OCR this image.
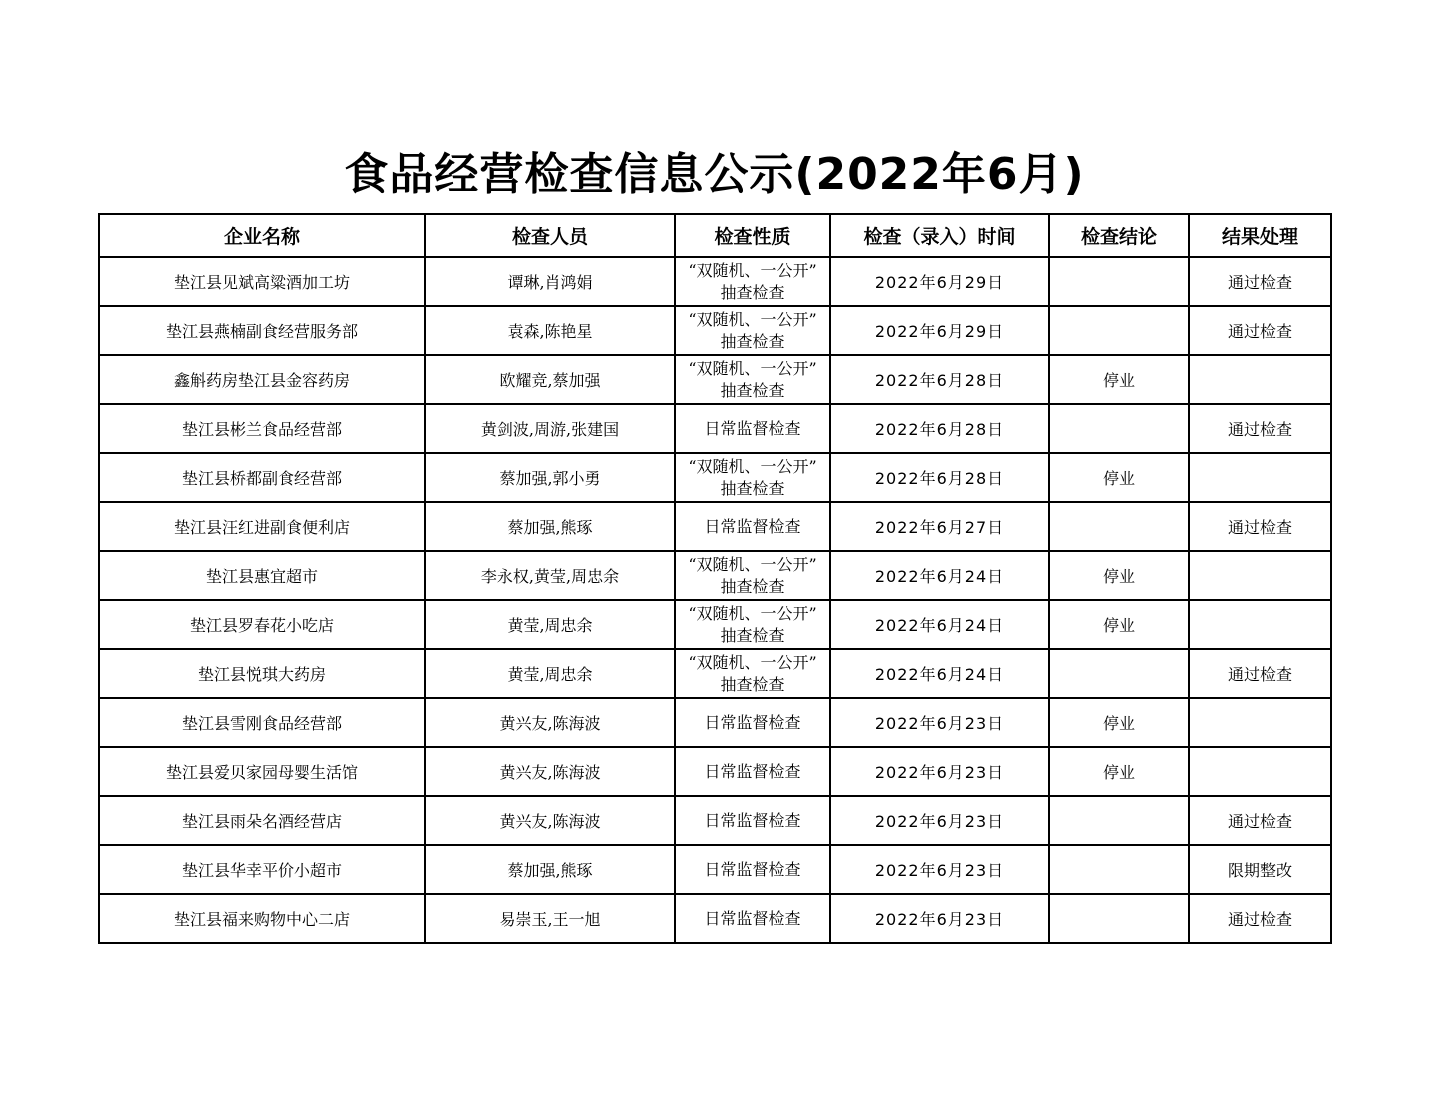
食品经营检查信息公示(2022年6月)
企业名称	检查人员	检查性质	检查（录入）时间	检查结论	结果处理
垫江县见斌高粱酒加工坊	谭琳,肖鸿娟	“双随机、一公开”
抽查检查	2022年6月29日		通过检查
垫江县燕楠副食经营服务部	袁森,陈艳星	“双随机、一公开”
抽查检查	2022年6月29日		通过检查
鑫斛药房垫江县金容药房	欧耀竞,蔡加强	“双随机、一公开”
抽查检查	2022年6月28日	停业	
垫江县彬兰食品经营部	黄剑波,周游,张建国	日常监督检查	2022年6月28日		通过检查
垫江县桥都副食经营部	蔡加强,郭小勇	“双随机、一公开”
抽查检查	2022年6月28日	停业	
垫江县汪红进副食便利店	蔡加强,熊琢	日常监督检查	2022年6月27日		通过检查
垫江县惠宜超市	李永权,黄莹,周忠余	“双随机、一公开”
抽查检查	2022年6月24日	停业	
垫江县罗春花小吃店	黄莹,周忠余	“双随机、一公开”
抽查检查	2022年6月24日	停业	
垫江县悦琪大药房	黄莹,周忠余	“双随机、一公开”
抽查检查	2022年6月24日		通过检查
垫江县雪刚食品经营部	黄兴友,陈海波	日常监督检查	2022年6月23日	停业	
垫江县爱贝家园母婴生活馆	黄兴友,陈海波	日常监督检查	2022年6月23日	停业	
垫江县雨朵名酒经营店	黄兴友,陈海波	日常监督检查	2022年6月23日		通过检查
垫江县华幸平价小超市	蔡加强,熊琢	日常监督检查	2022年6月23日		限期整改
垫江县福来购物中心二店	易崇玉,王一旭	日常监督检查	2022年6月23日		通过检查
